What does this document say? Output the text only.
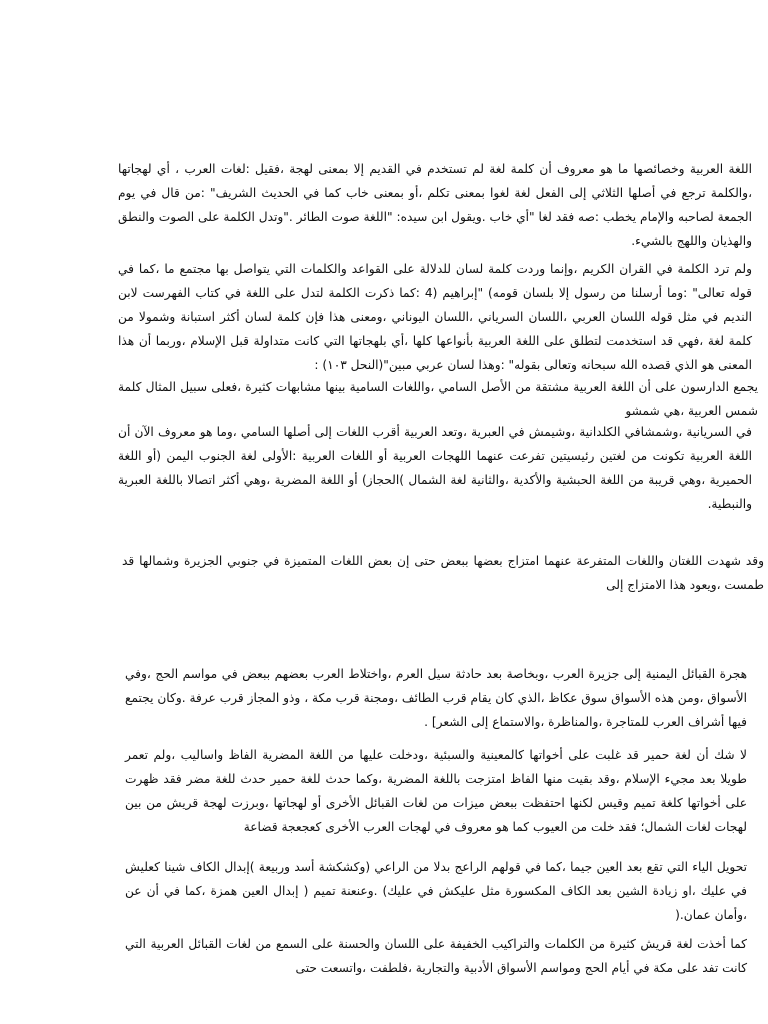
اللغة العربية وخصائصها ما هو معروف أن كلمة لغة لم تستخدم في القديم إلا بمعنى لهجة ،فقيل :لغات العرب ، أي لهجاتها ،والكلمة ترجع في أصلها الثلاثي إلى الفعل لغة لغوا بمعنى تكلم ،أو بمعنى خاب كما في الحديث الشريف" :من قال في يوم الجمعة لصاحبه والإمام يخطب :صه فقد لغا "أي خاب .ويقول ابن سيده: "اللغة صوت الطائر ."وتدل الكلمة على الصوت والنطق والهذيان واللهج بالشيء.

ولم ترد الكلمة في القران الكريم ،وإنما وردت كلمة لسان للدلالة على القواعد والكلمات التي يتواصل بها مجتمع ما ،كما في قوله تعالى" :وما أرسلنا من رسول إلا بلسان قومه) "إبراهيم (4 :كما ذكرت الكلمة لتدل على اللغة في كتاب الفهرست لابن النديم في مثل قوله اللسان العربي ،اللسان السرياني ،اللسان اليوناني ،ومعنى هذا فإن كلمة لسان أكثر استبانة وشمولا من كلمة لغة ،فهي قد استخدمت لتطلق على اللغة العربية بأنواعها كلها ،أي بلهجاتها التي كانت متداولة قبل الإسلام ،وربما أن هذا المعنى هو الذي قصده الله سبحانه وتعالى بقوله" :وهذا لسان عربي مبين"(النحل ١٠٣) :

يجمع الدارسون على أن اللغة العربية مشتقة من الأصل السامي ،واللغات السامية بينها مشابهات كثيرة ،فعلى سبيل المثال كلمة شمس العربية ،هي شمشو

في السريانية ،وشمشافي الكلدانية ،وشيمش في العبرية ،وتعد العربية أقرب اللغات إلى أصلها السامي ،وما هو معروف الآن أن اللغة العربية تكونت من لغتين رئيسيتين تفرعت عنهما اللهجات العربية أو اللغات العربية :الأولى لغة الجنوب اليمن (أو اللغة الحميرية ،وهي قريبة من اللغة الحبشية والأكدية ،والثانية لغة الشمال )الحجاز) أو اللغة المضرية ،وهي أكثر اتصالا باللغة العبرية والنبطية.

وقد شهدت اللغتان واللغات المتفرعة عنهما امتزاج بعضها ببعض حتى إن بعض اللغات المتميزة في جنوبي الجزيرة وشمالها قد طمست ،ويعود هذا الامتزاج إلى

هجرة القبائل اليمنية إلى جزيرة العرب ،وبخاصة بعد حادثة سيل العرم ،واختلاط العرب بعضهم ببعض في مواسم الحج ،وفي الأسواق ،ومن هذه الأسواق سوق عكاظ ،الذي كان يقام قرب الطائف ،ومجنة قرب مكة ، وذو المجاز قرب عرفة .وكان يجتمع فيها أشراف العرب للمتاجرة ،والمناظرة ،والاستماع إلى الشعر] .

لا شك أن لغة حمير قد غلبت على أخواتها كالمعينية والسبئية ،ودخلت عليها من اللغة المضرية الفاظ واساليب ،ولم تعمر طويلا بعد مجيء الإسلام ،وقد بقيت منها الفاظ امتزجت باللغة المضرية ،وكما حدث للغة حمير حدث للغة مضر فقد ظهرت على أخواتها كلغة تميم وقيس لكنها احتفظت ببعض ميزات من لغات القبائل الأخرى أو لهجاتها ،وبرزت لهجة قريش من بين لهجات لغات الشمال؛ فقد خلت من العيوب كما هو معروف في لهجات العرب الأخرى كعجعجة قضاعة

تحويل الياء التي تقع بعد العين جيما ،كما في قولهم الراعج بدلا من الراعي (وكشكشة أسد وربيعة )إبدال الكاف شينا كعليش في عليك ،او زيادة الشين بعد الكاف المكسورة مثل عليكش في عليك) .وعنعنة تميم ( إبدال العين همزة ،كما في أن عن ،وأمان عمان.(

كما أخذت لغة قريش كثيرة من الكلمات والتراكيب الخفيفة على اللسان والحسنة على السمع من لغات القبائل العربية التي كانت تفد على مكة في أيام الحج ومواسم الأسواق الأدبية والتجارية ،فلطفت ،واتسعت حتى
